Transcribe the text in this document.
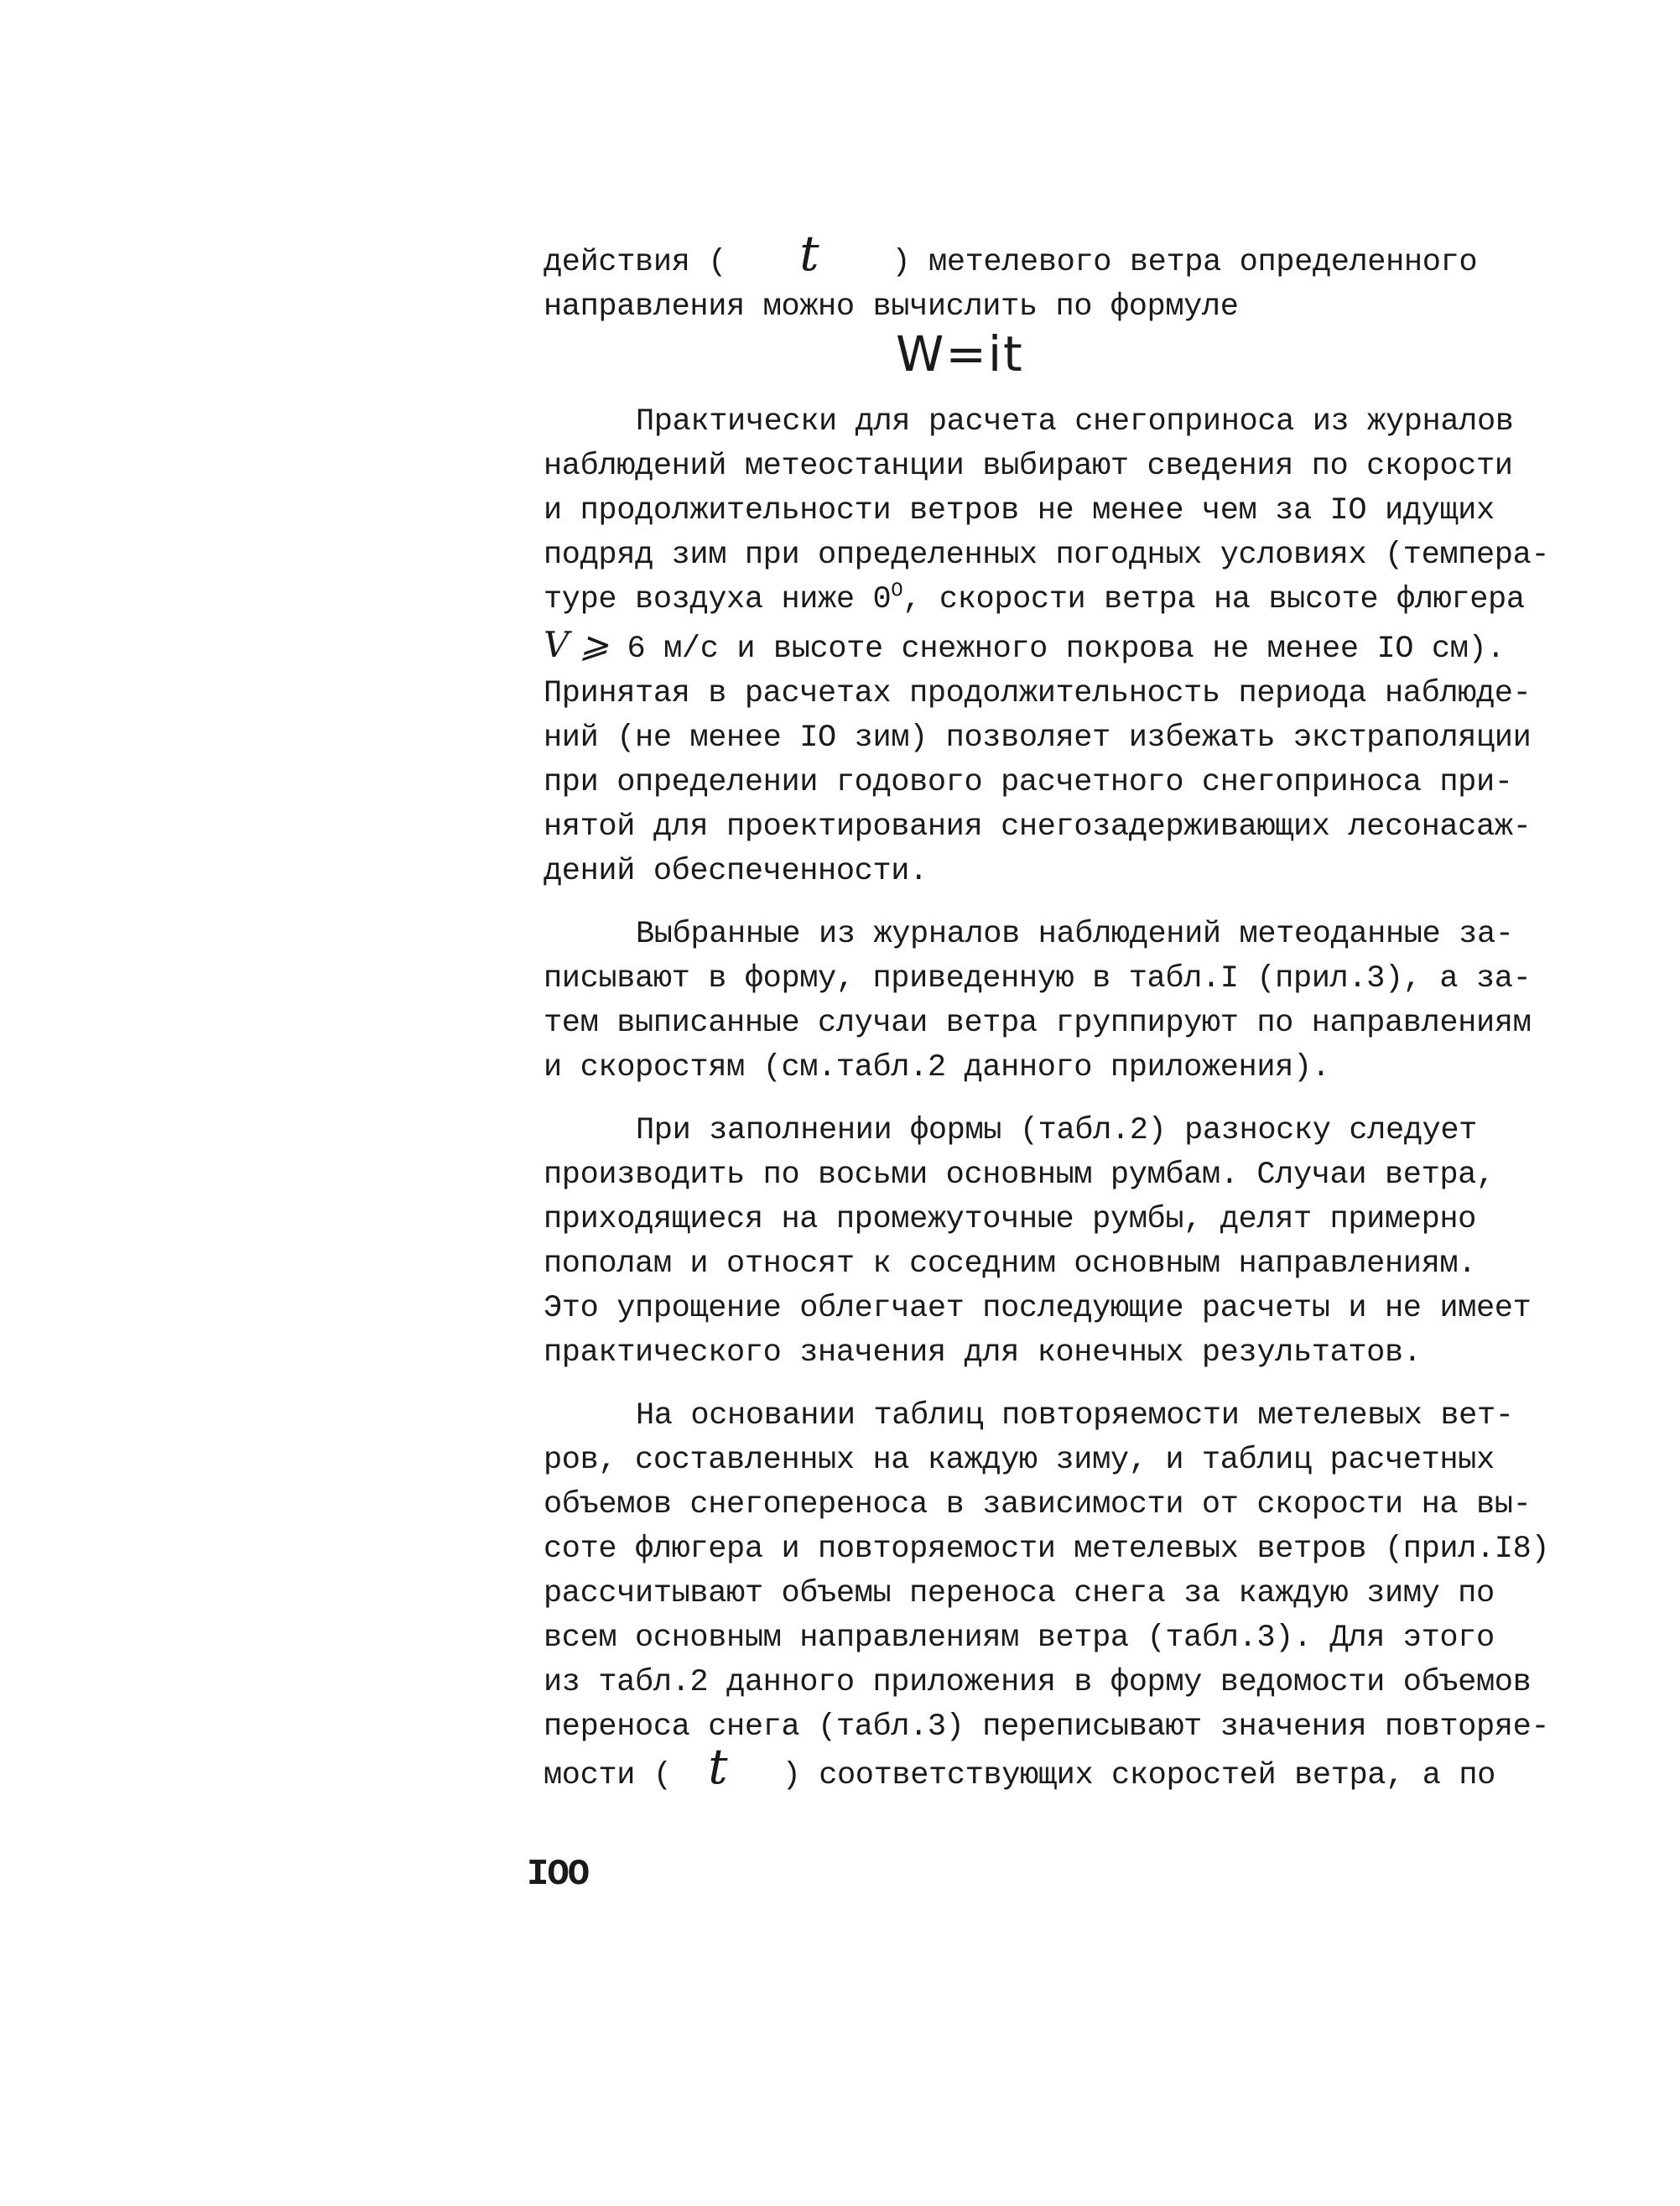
действия ( t ) метелевого ветра определенного
направления можно вычислить по формуле
W=it
Практически для расчета снегоприноса из журналов
наблюдений метеостанции выбирают сведения по скорости
и продолжительности ветров не менее чем за IO идущих
подряд зим при определенных погодных условиях (темпера-
туре воздуха ниже $0^O$, скорости ветра на высоте флюгера
V ⩾ 6 м/с и высоте снежного покрова не менее IO см).
Принятая в расчетах продолжительность периода наблюде-
ний (не менее IO зим) позволяет избежать экстраполяции
при определении годового расчетного снегоприноса при-
нятой для проектирования снегозадерживающих лесонасаж-
дений обеспеченности.
Выбранные из журналов наблюдений метеоданные за-
писывают в форму, приведенную в табл.I (прил.3), а за-
тем выписанные случаи ветра группируют по направлениям
и скоростям (см.табл.2 данного приложения).
При заполнении формы (табл.2) разноску следует
производить по восьми основным румбам. Случаи ветра,
приходящиеся на промежуточные румбы, делят примерно
пополам и относят к соседним основным направлениям.
Это упрощение облегчает последующие расчеты и не имеет
практического значения для конечных результатов.
На основании таблиц повторяемости метелевых вет-
ров, составленных на каждую зиму, и таблиц расчетных
объемов снегопереноса в зависимости от скорости на вы-
соте флюгера и повторяемости метелевых ветров (прил.I8)
рассчитывают объемы переноса снега за каждую зиму по
всем основным направлениям ветра (табл.3). Для этого
из табл.2 данного приложения в форму ведомости объемов
переноса снега (табл.3) переписывают значения повторяе-
мости ( t ) соответствующих скоростей ветра, а по
IOO
